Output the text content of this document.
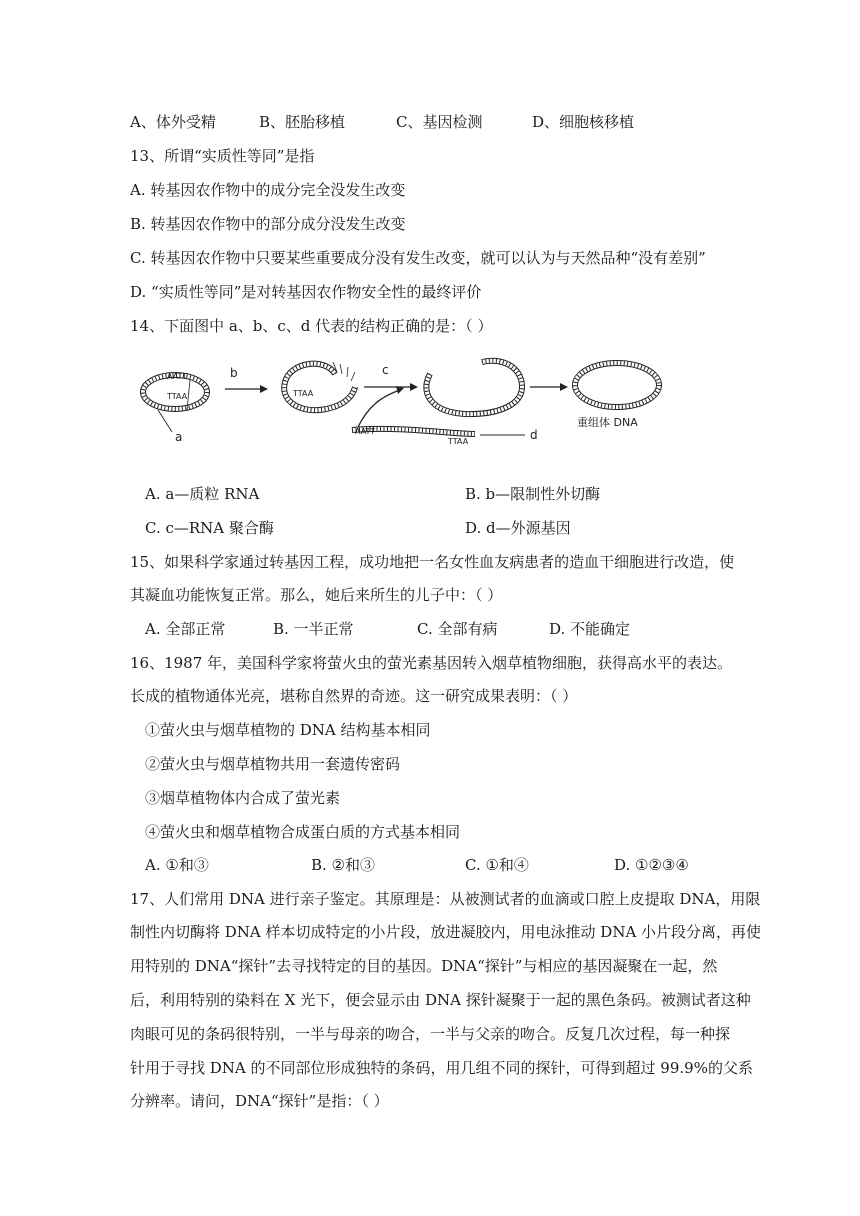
A、体外受精	B、胚胎移植	C、基因检测	D、细胞核移植
13、所谓“实质性等同”是指
A. 转基因农作物中的成分完全没发生改变
B. 转基因农作物中的部分成分没发生改变
C. 转基因农作物中只要某些重要成分没有发生改变，就可以认为与天然品种“没有差别”
D. “实质性等同”是对转基因农作物安全性的最终评价
14、下面图中 a、b、c、d 代表的结构正确的是：（ ）
AATT
TTAA	TTAA
AATT
TTAA
b	c
a	d
重组体 DNA
A. a—质粒 RNA	B. b—限制性外切酶
C. c—RNA 聚合酶	D. d—外源基因
15、如果科学家通过转基因工程，成功地把一名女性血友病患者的造血干细胞进行改造，使
其凝血功能恢复正常。那么，她后来所生的儿子中：（ ）
A. 全部正常	B. 一半正常	C. 全部有病	D. 不能确定
16、1987 年，美国科学家将萤火虫的萤光素基因转入烟草植物细胞，获得高水平的表达。
长成的植物通体光亮，堪称自然界的奇迹。这一研究成果表明：（ ）
①萤火虫与烟草植物的 DNA 结构基本相同
②萤火虫与烟草植物共用一套遗传密码
③烟草植物体内合成了萤光素
④萤火虫和烟草植物合成蛋白质的方式基本相同
A. ①和③	B. ②和③	C. ①和④	D. ①②③④
17、人们常用 DNA 进行亲子鉴定。其原理是：从被测试者的血滴或口腔上皮提取 DNA，用限
制性内切酶将 DNA 样本切成特定的小片段，放进凝胶内，用电泳推动 DNA 小片段分离，再使
用特别的 DNA“探针”去寻找特定的目的基因。DNA“探针”与相应的基因凝聚在一起，然
后，利用特别的染料在 X 光下，便会显示由 DNA 探针凝聚于一起的黑色条码。被测试者这种
肉眼可见的条码很特别，一半与母亲的吻合，一半与父亲的吻合。反复几次过程，每一种探
针用于寻找 DNA 的不同部位形成独特的条码，用几组不同的探针，可得到超过 99.9%的父系
分辨率。请问，DNA“探针”是指：（ ）
